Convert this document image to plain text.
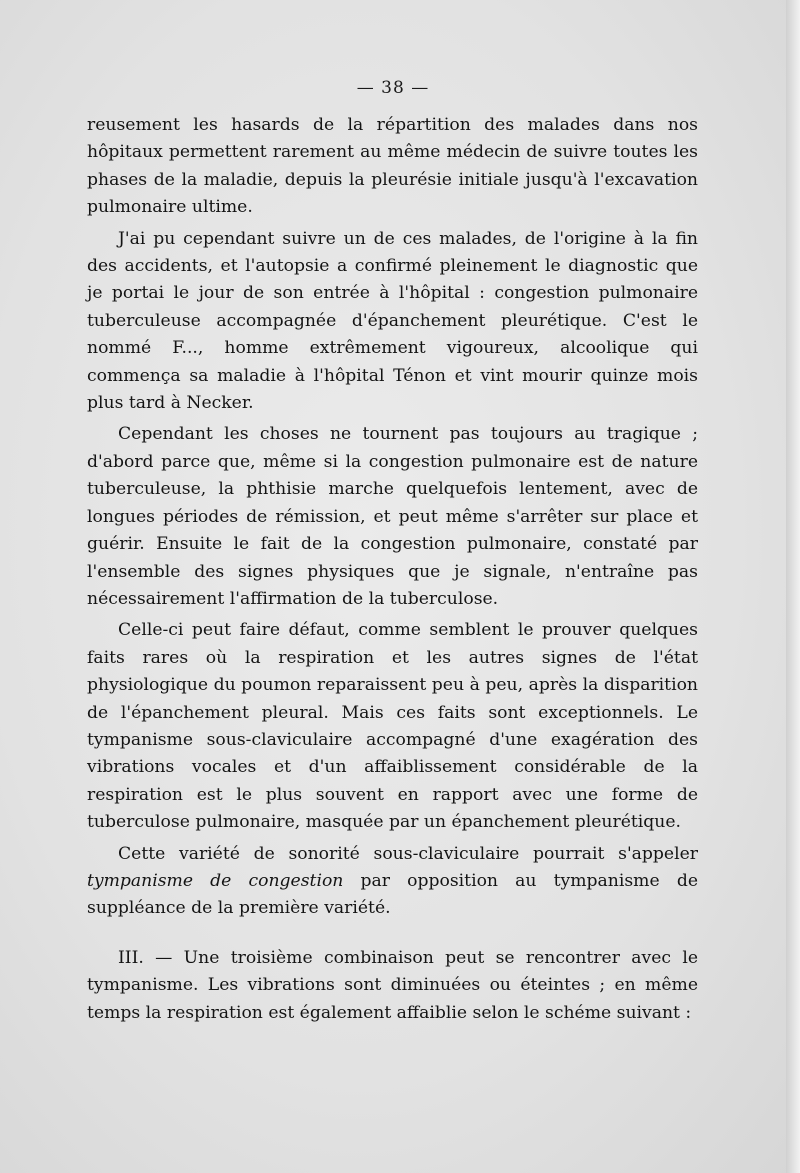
— 38 —

reusement les hasards de la répartition des malades dans nos hôpitaux permettent rarement au même médecin de suivre toutes les phases de la maladie, depuis la pleurésie initiale jusqu'à l'excavation pulmonaire ultime.

J'ai pu cependant suivre un de ces malades, de l'origine à la fin des accidents, et l'autopsie a confirmé pleinement le diagnostic que je portai le jour de son entrée à l'hôpital : congestion pulmonaire tuberculeuse accompagnée d'épanchement pleurétique. C'est le nommé F..., homme extrêmement vigoureux, alcoolique qui commença sa maladie à l'hôpital Ténon et vint mourir quinze mois plus tard à Necker.

Cependant les choses ne tournent pas toujours au tragique ; d'abord parce que, même si la congestion pulmonaire est de nature tuberculeuse, la phthisie marche quelquefois lentement, avec de longues périodes de rémission, et peut même s'arrêter sur place et guérir. Ensuite le fait de la congestion pulmonaire, constaté par l'ensemble des signes physiques que je signale, n'entraîne pas nécessairement l'affirmation de la tuberculose.

Celle-ci peut faire défaut, comme semblent le prouver quelques faits rares où la respiration et les autres signes de l'état physiologique du poumon reparaissent peu à peu, après la disparition de l'épanchement pleural. Mais ces faits sont exceptionnels. Le tympanisme sous-claviculaire accompagné d'une exagération des vibrations vocales et d'un affaiblissement considérable de la respiration est le plus souvent en rapport avec une forme de tuberculose pulmonaire, masquée par un épanchement pleurétique.

Cette variété de sonorité sous-claviculaire pourrait s'appeler tympanisme de congestion par opposition au tympanisme de suppléance de la première variété.

III. — Une troisième combinaison peut se rencontrer avec le tympanisme. Les vibrations sont diminuées ou éteintes ; en même temps la respiration est également affaiblie selon le schéme suivant :
